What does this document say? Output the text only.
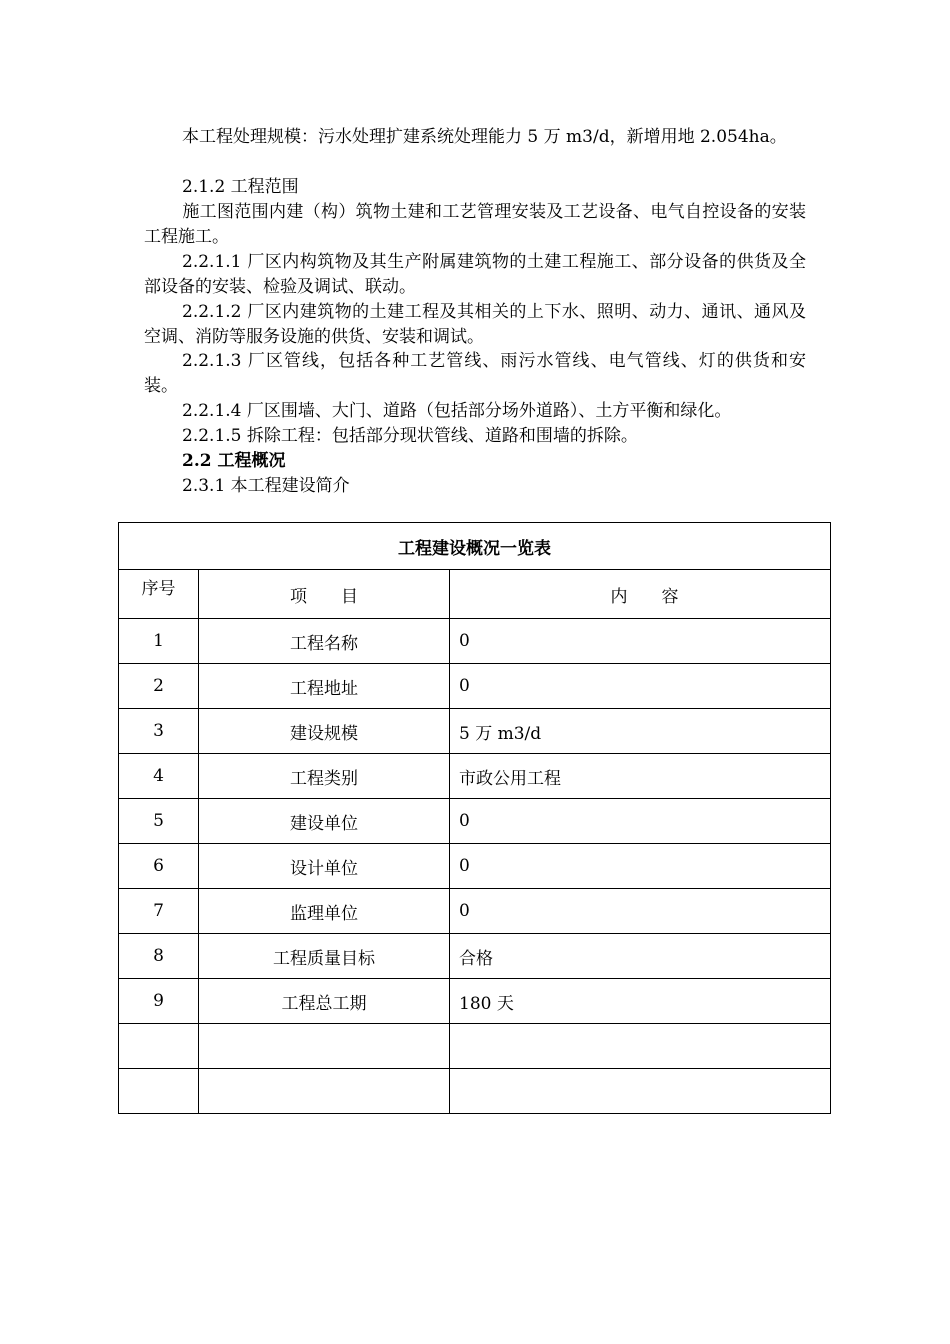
本工程处理规模：污水处理扩建系统处理能力 5 万 m3/d，新增用地 2.054ha。

2.1.2 工程范围

施工图范围内建（构）筑物土建和工艺管理安装及工艺设备、电气自控设备的安装工程施工。

2.2.1.1 厂区内构筑物及其生产附属建筑物的土建工程施工、部分设备的供货及全部设备的安装、检验及调试、联动。

2.2.1.2 厂区内建筑物的土建工程及其相关的上下水、照明、动力、通讯、通风及空调、消防等服务设施的供货、安装和调试。

2.2.1.3 厂区管线，包括各种工艺管线、雨污水管线、电气管线、灯的供货和安装。

2.2.1.4 厂区围墙、大门、道路（包括部分场外道路）、土方平衡和绿化。

2.2.1.5 拆除工程：包括部分现状管线、道路和围墙的拆除。

2.2 工程概况

2.3.1 本工程建设简介

工程建设概况一览表		
序号	项　　目	内　　容
1	工程名称	0
2	工程地址	0
3	建设规模	5 万 m3/d
4	工程类别	市政公用工程
5	建设单位	0
6	设计单位	0
7	监理单位	0
8	工程质量目标	合格
9	工程总工期	180 天
